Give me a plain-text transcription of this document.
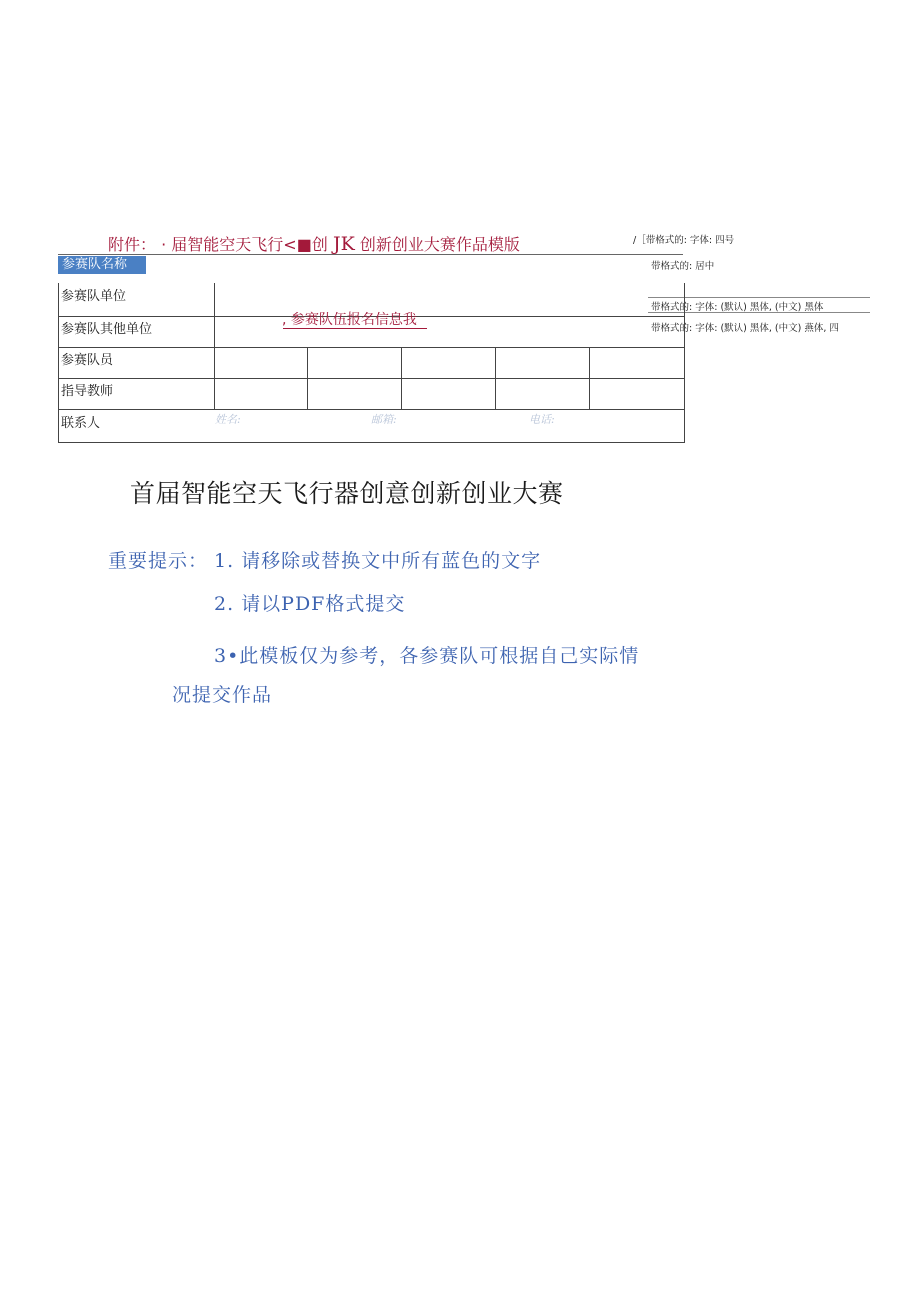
附件： · 届智能空天飞行<■创 JK 创新创业大赛作品模版	/［带格式的: 字体: 四号
带格式的: 居中
带格式的: 字体: (默认) 黑体, (中文) 黑体
带格式的: 字体: (默认) 黑体, (中文) 燕体, 四
参赛队名称
参赛队单位
参赛队其他单位
参赛队员
指导教师
联系人	姓名:	邮箱:	电话:
, 参赛队伍报名信息我
首届智能空天飞行器创意创新创业大赛
重要提示： 1. 请移除或替换文中所有蓝色的文字
2. 请以PDF格式提交
3•此模板仅为参考，各参赛队可根据自己实际情
况提交作品
